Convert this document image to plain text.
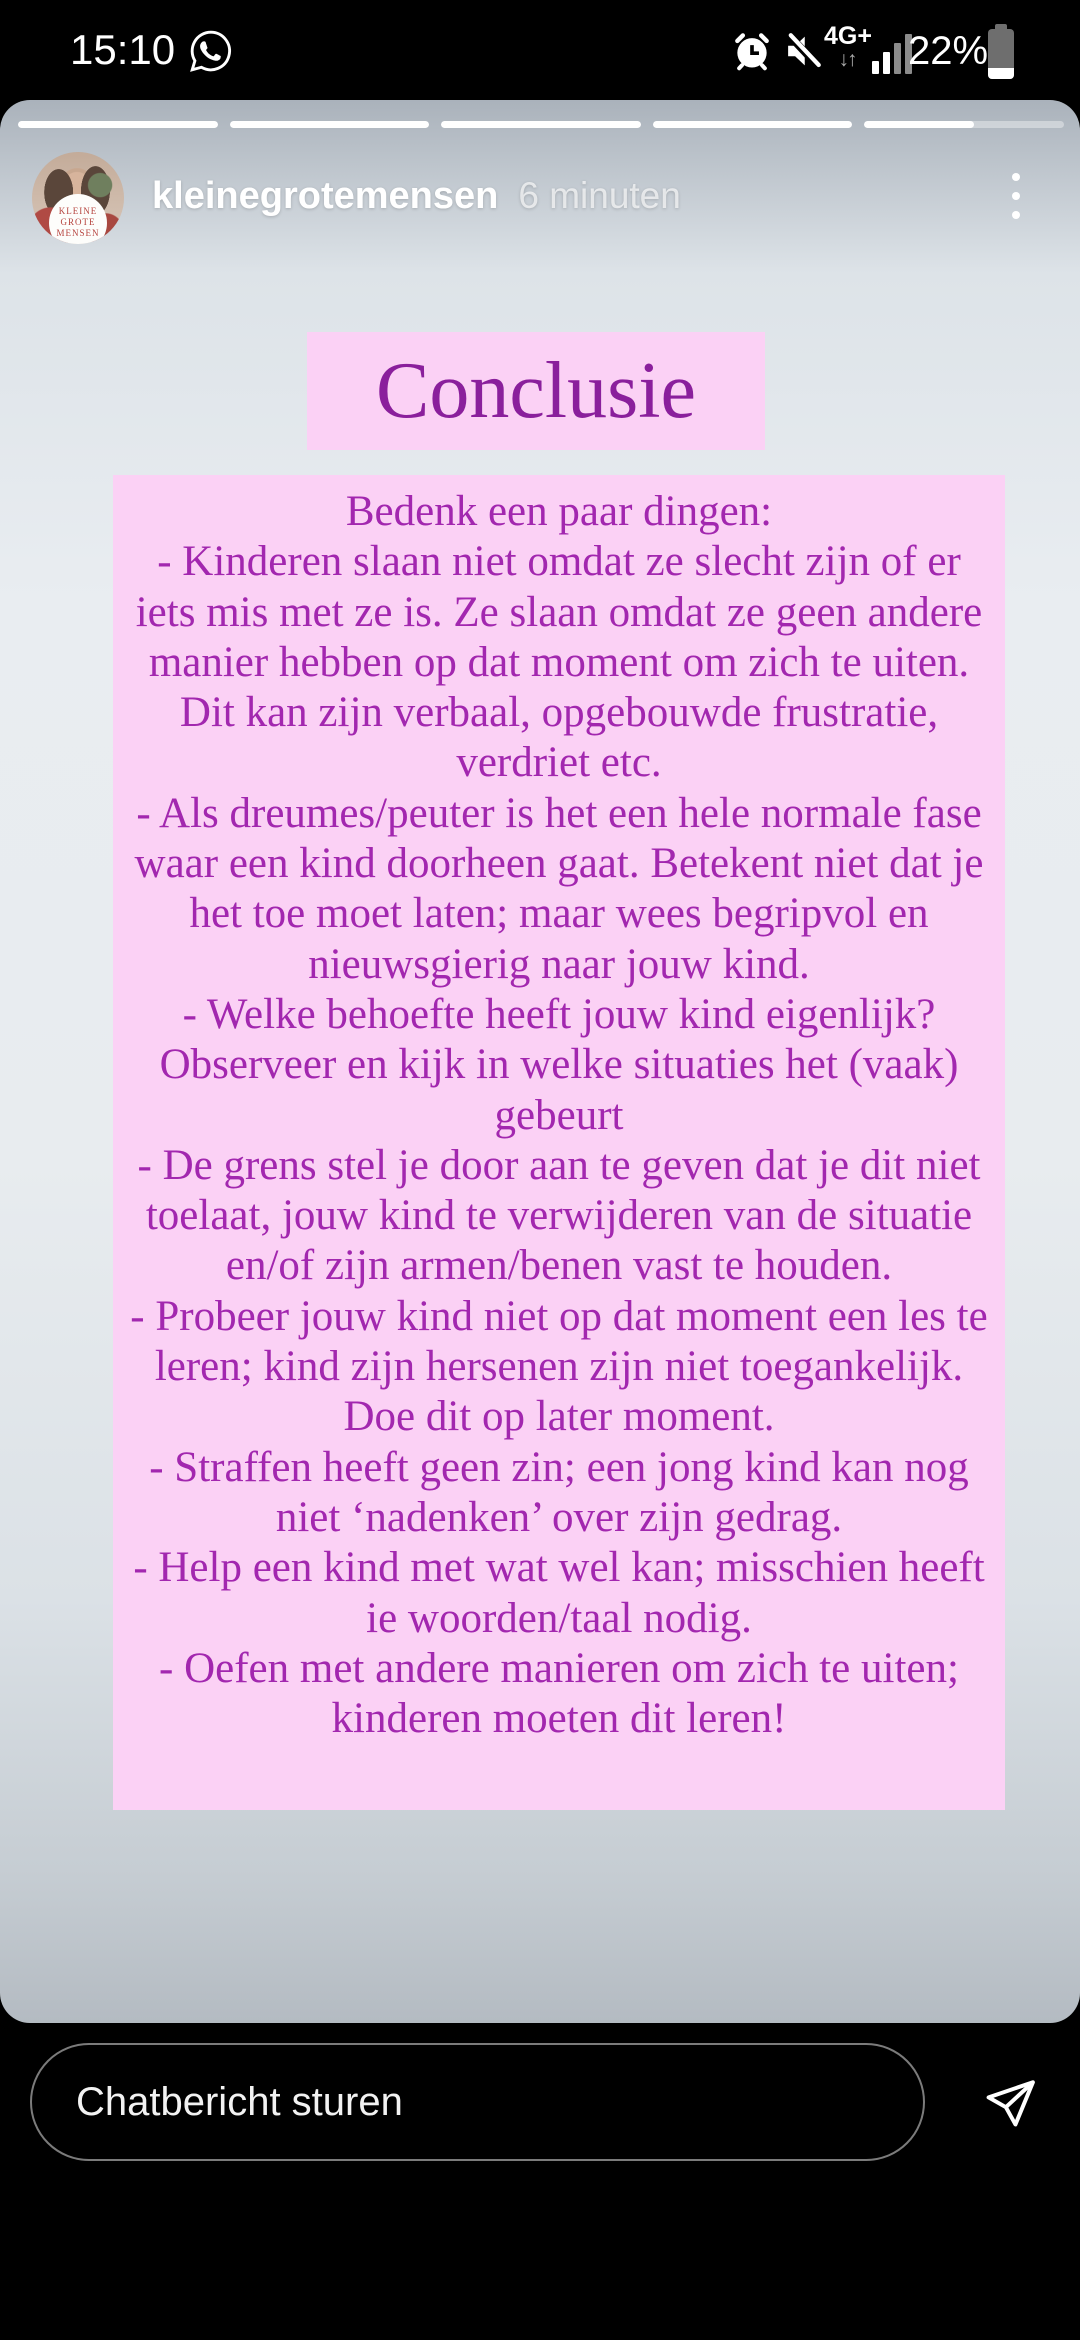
15:10	4G+
↓↑	22%
KLEINE
GROTE
MENSEN
kleinegrotemensen 6 minuten
Conclusie

Bedenk een paar dingen:

- Kinderen slaan niet omdat ze slecht zijn of er iets mis met ze is. Ze slaan omdat ze geen andere manier hebben op dat moment om zich te uiten. Dit kan zijn verbaal, opgebouwde frustratie, verdriet etc.

- Als dreumes/peuter is het een hele normale fase waar een kind doorheen gaat. Betekent niet dat je het toe moet laten; maar wees begripvol en nieuwsgierig naar jouw kind.

- Welke behoefte heeft jouw kind eigenlijk? Observeer en kijk in welke situaties het (vaak) gebeurt

- De grens stel je door aan te geven dat je dit niet toelaat, jouw kind te verwijderen van de situatie en/of zijn armen/benen vast te houden.

- Probeer jouw kind niet op dat moment een les te leren; kind zijn hersenen zijn niet toegankelijk. Doe dit op later moment.

- Straffen heeft geen zin; een jong kind kan nog niet ‘nadenken’ over zijn gedrag.

- Help een kind met wat wel kan; misschien heeft ie woorden/taal nodig.

- Oefen met andere manieren om zich te uiten; kinderen moeten dit leren!

Chatbericht sturen
